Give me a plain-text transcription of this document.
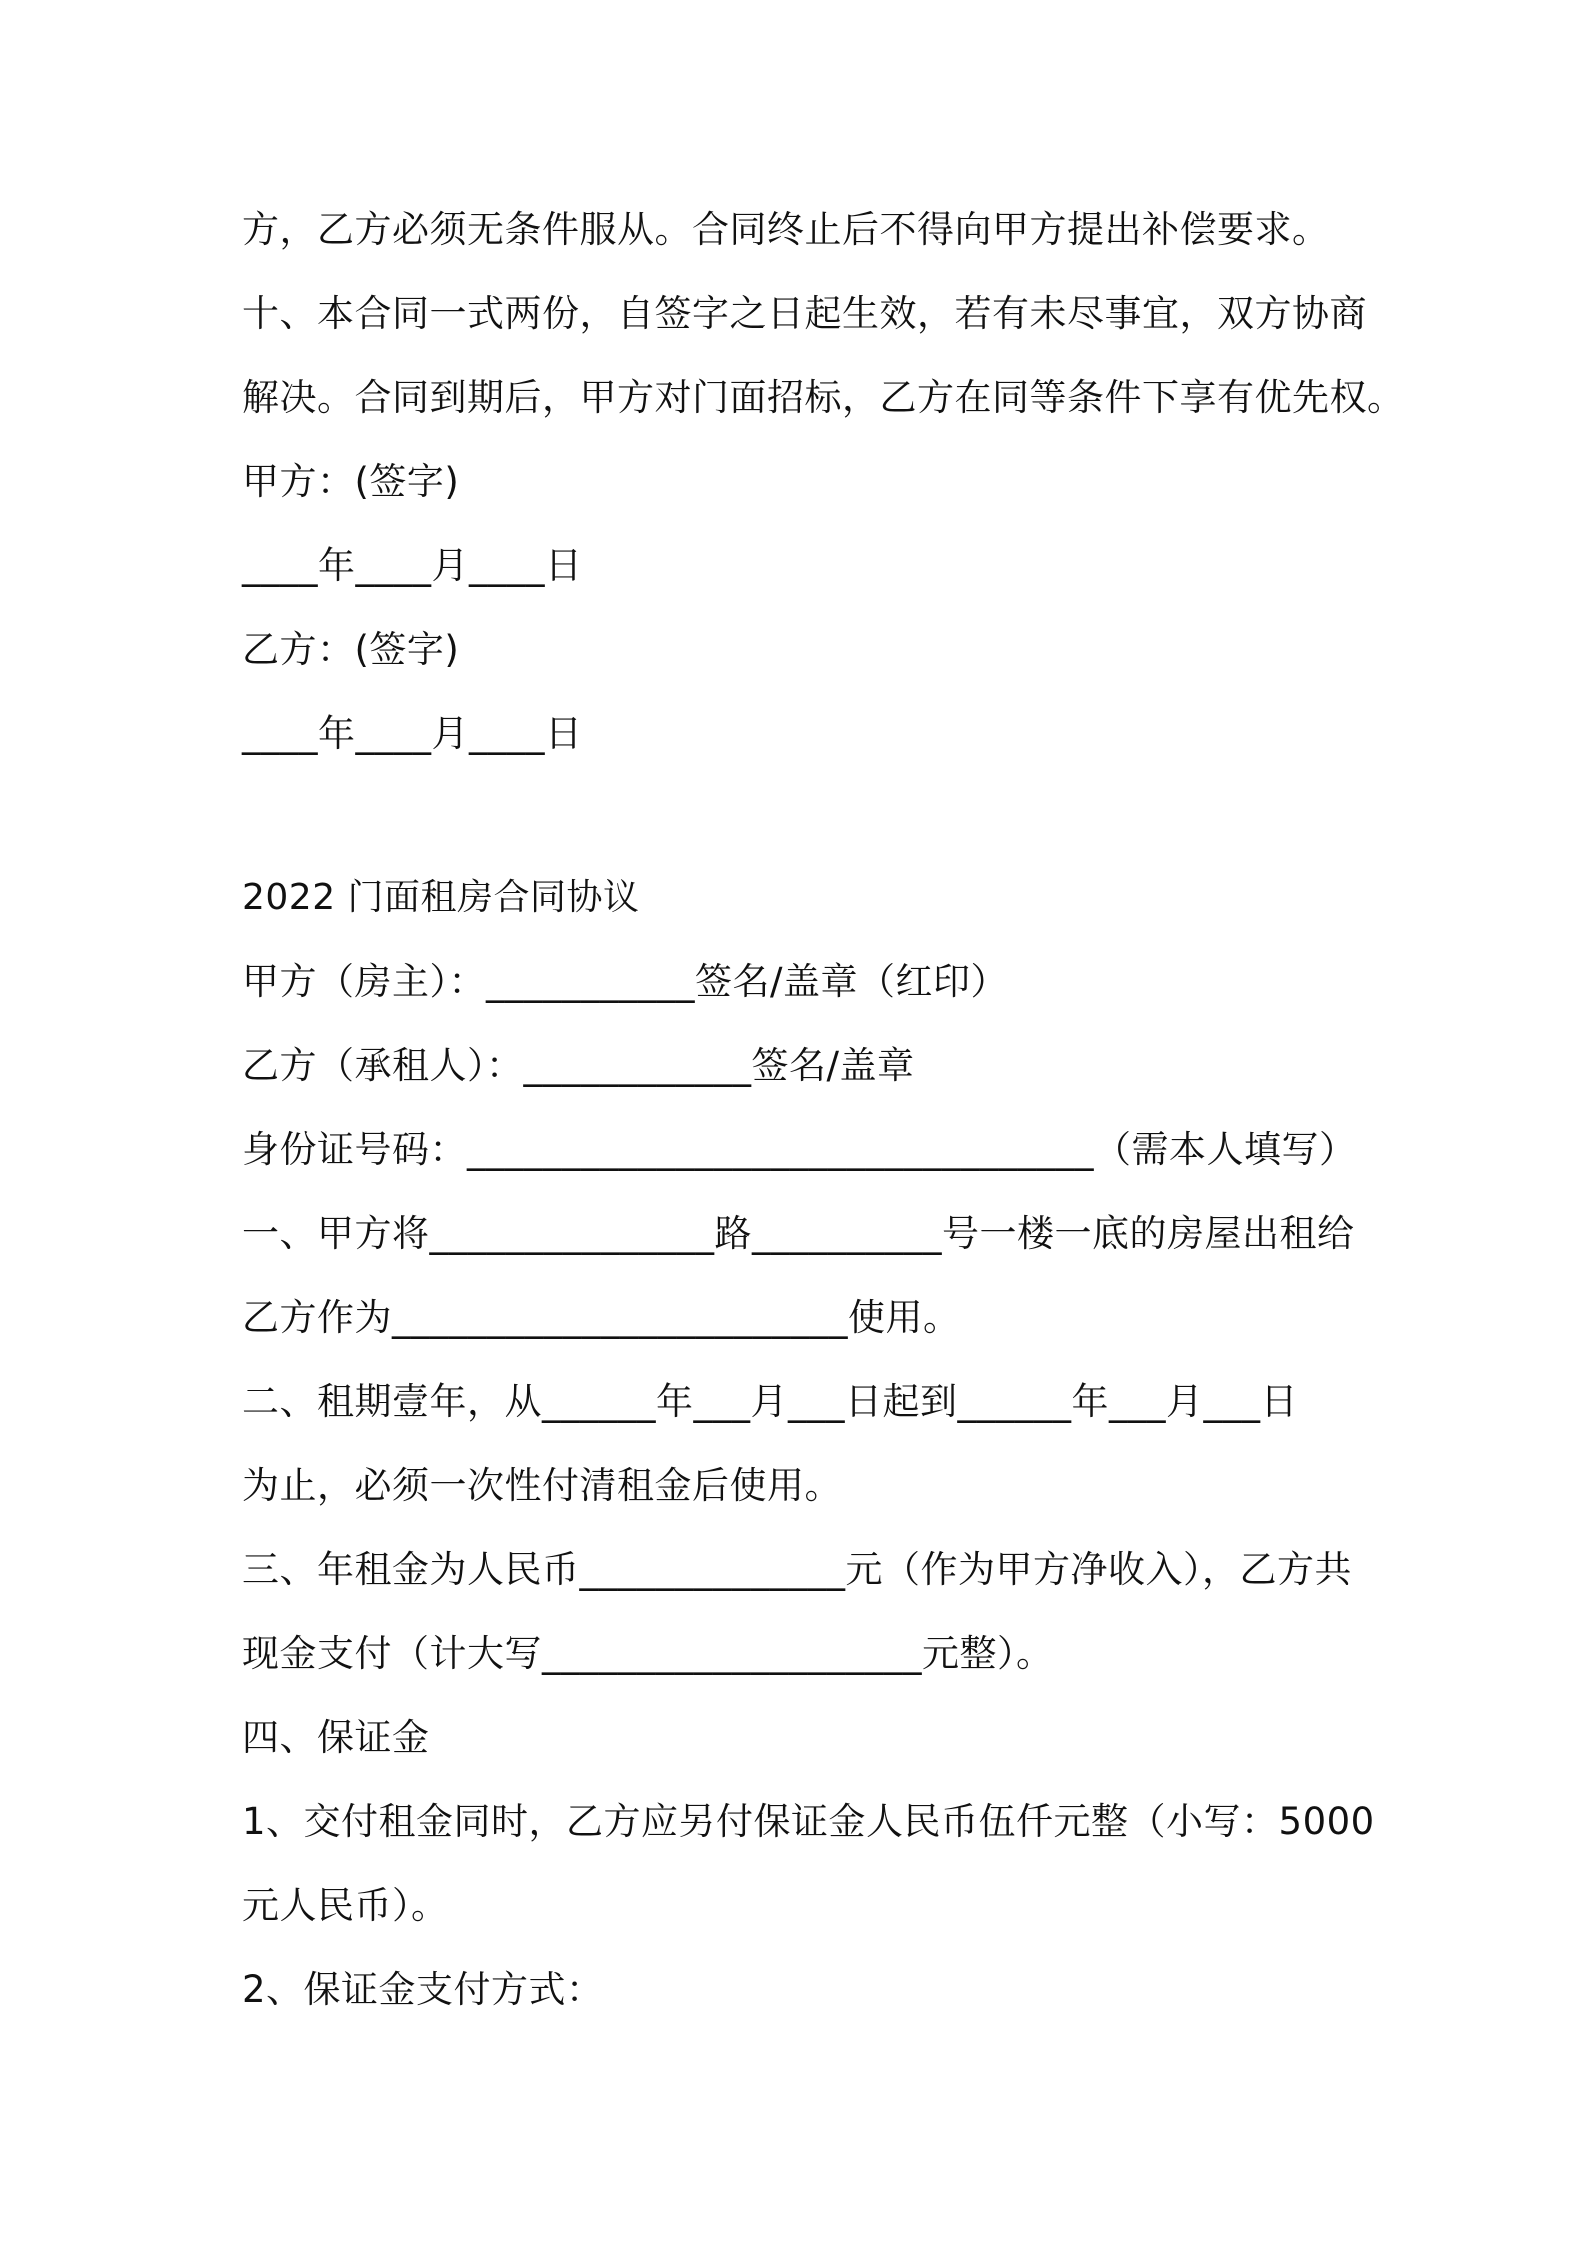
方，乙方必须无条件服从。合同终止后不得向甲方提出补偿要求。
十、本合同一式两份，自签字之日起生效，若有未尽事宜，双方协商
解决。合同到期后，甲方对门面招标，乙方在同等条件下享有优先权。
甲方：(签字)
____年____月____日
乙方：(签字)
____年____月____日
2022 门面租房合同协议
甲方（房主）：___________签名/盖章（红印）
乙方（承租人）：____________签名/盖章
身份证号码：_________________________________（需本人填写）
一、甲方将_______________路__________号一楼一底的房屋出租给
乙方作为________________________使用。
二、租期壹年，从______年___月___日起到______年___月___日
为止，必须一次性付清租金后使用。
三、年租金为人民币______________元（作为甲方净收入），乙方共
现金支付（计大写____________________元整）。
四、保证金
1、交付租金同时，乙方应另付保证金人民币伍仟元整（小写：5000
元人民币）。
2、保证金支付方式：
